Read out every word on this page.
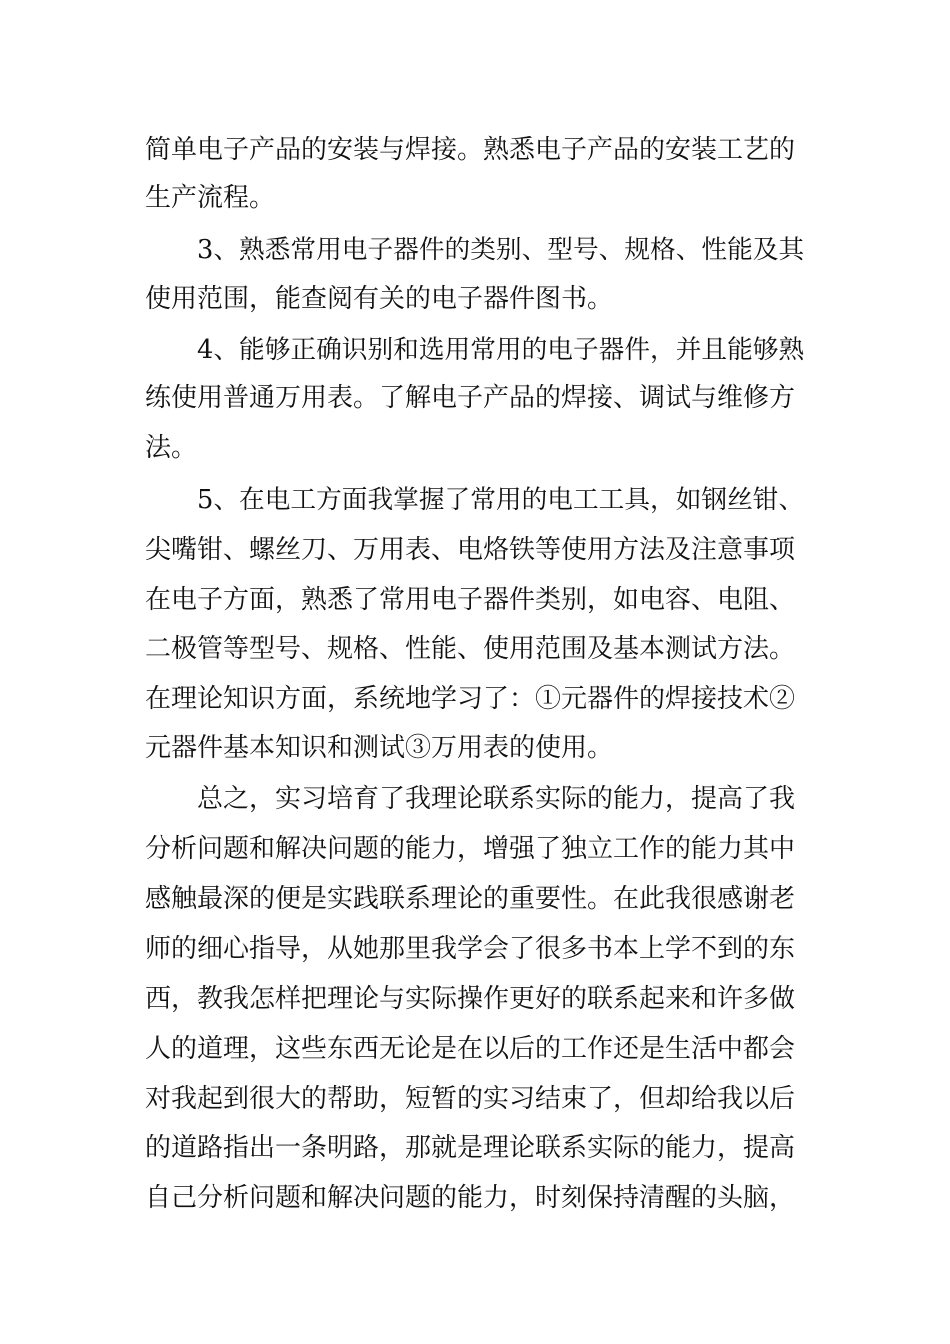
简单电子产品的安装与焊接。熟悉电子产品的安装工艺的
生产流程。
3、熟悉常用电子器件的类别、型号、规格、性能及其
使用范围，能查阅有关的电子器件图书。
4、能够正确识别和选用常用的电子器件，并且能够熟
练使用普通万用表。了解电子产品的焊接、调试与维修方
法。
5、在电工方面我掌握了常用的电工工具，如钢丝钳、
尖嘴钳、螺丝刀、万用表、电烙铁等使用方法及注意事项
在电子方面，熟悉了常用电子器件类别，如电容、电阻、
二极管等型号、规格、性能、使用范围及基本测试方法。
在理论知识方面，系统地学习了：①元器件的焊接技术②
元器件基本知识和测试③万用表的使用。
总之，实习培育了我理论联系实际的能力，提高了我
分析问题和解决问题的能力，增强了独立工作的能力其中
感触最深的便是实践联系理论的重要性。在此我很感谢老
师的细心指导，从她那里我学会了很多书本上学不到的东
西，教我怎样把理论与实际操作更好的联系起来和许多做
人的道理，这些东西无论是在以后的工作还是生活中都会
对我起到很大的帮助，短暂的实习结束了，但却给我以后
的道路指出一条明路，那就是理论联系实际的能力，提高
自己分析问题和解决问题的能力，时刻保持清醒的头脑，
